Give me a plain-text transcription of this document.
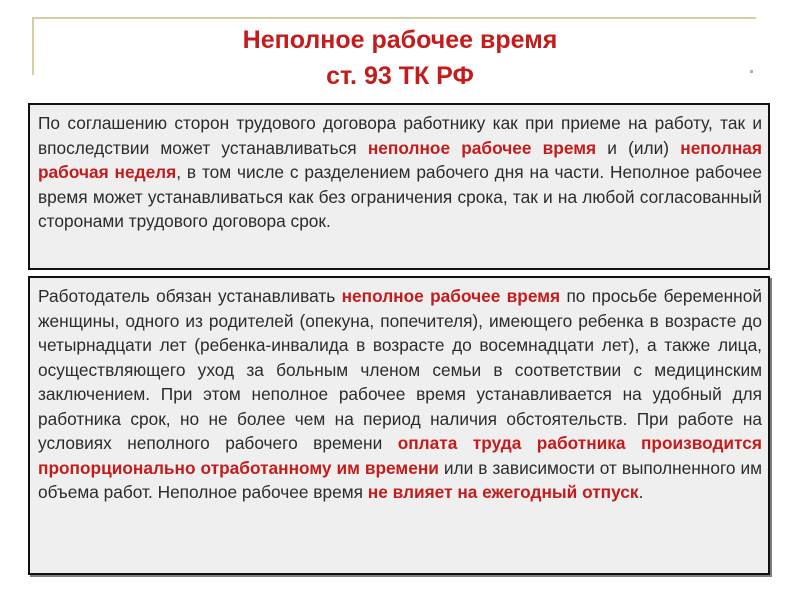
Неполное рабочее время
ст. 93 ТК РФ
По соглашению сторон трудового договора работнику как при приеме на работу, так и впоследствии может устанавливаться неполное рабочее время и (или) неполная рабочая неделя, в том числе с разделением рабочего дня на части. Неполное рабочее время может устанавливаться как без ограничения срока, так и на любой согласованный сторонами трудового договора срок.
Работодатель обязан устанавливать неполное рабочее время по просьбе беременной женщины, одного из родителей (опекуна, попечителя), имеющего ребенка в возрасте до четырнадцати лет (ребенка-инвалида в возрасте до восемнадцати лет), а также лица, осуществляющего уход за больным членом семьи в соответствии с медицинским заключением. При этом неполное рабочее время устанавливается на удобный для работника срок, но не более чем на период наличия обстоятельств. При работе на условиях неполного рабочего времени оплата труда работника производится пропорционально отработанному им времени или в зависимости от выполненного им объема работ. Неполное рабочее время не влияет на ежегодный отпуск.
